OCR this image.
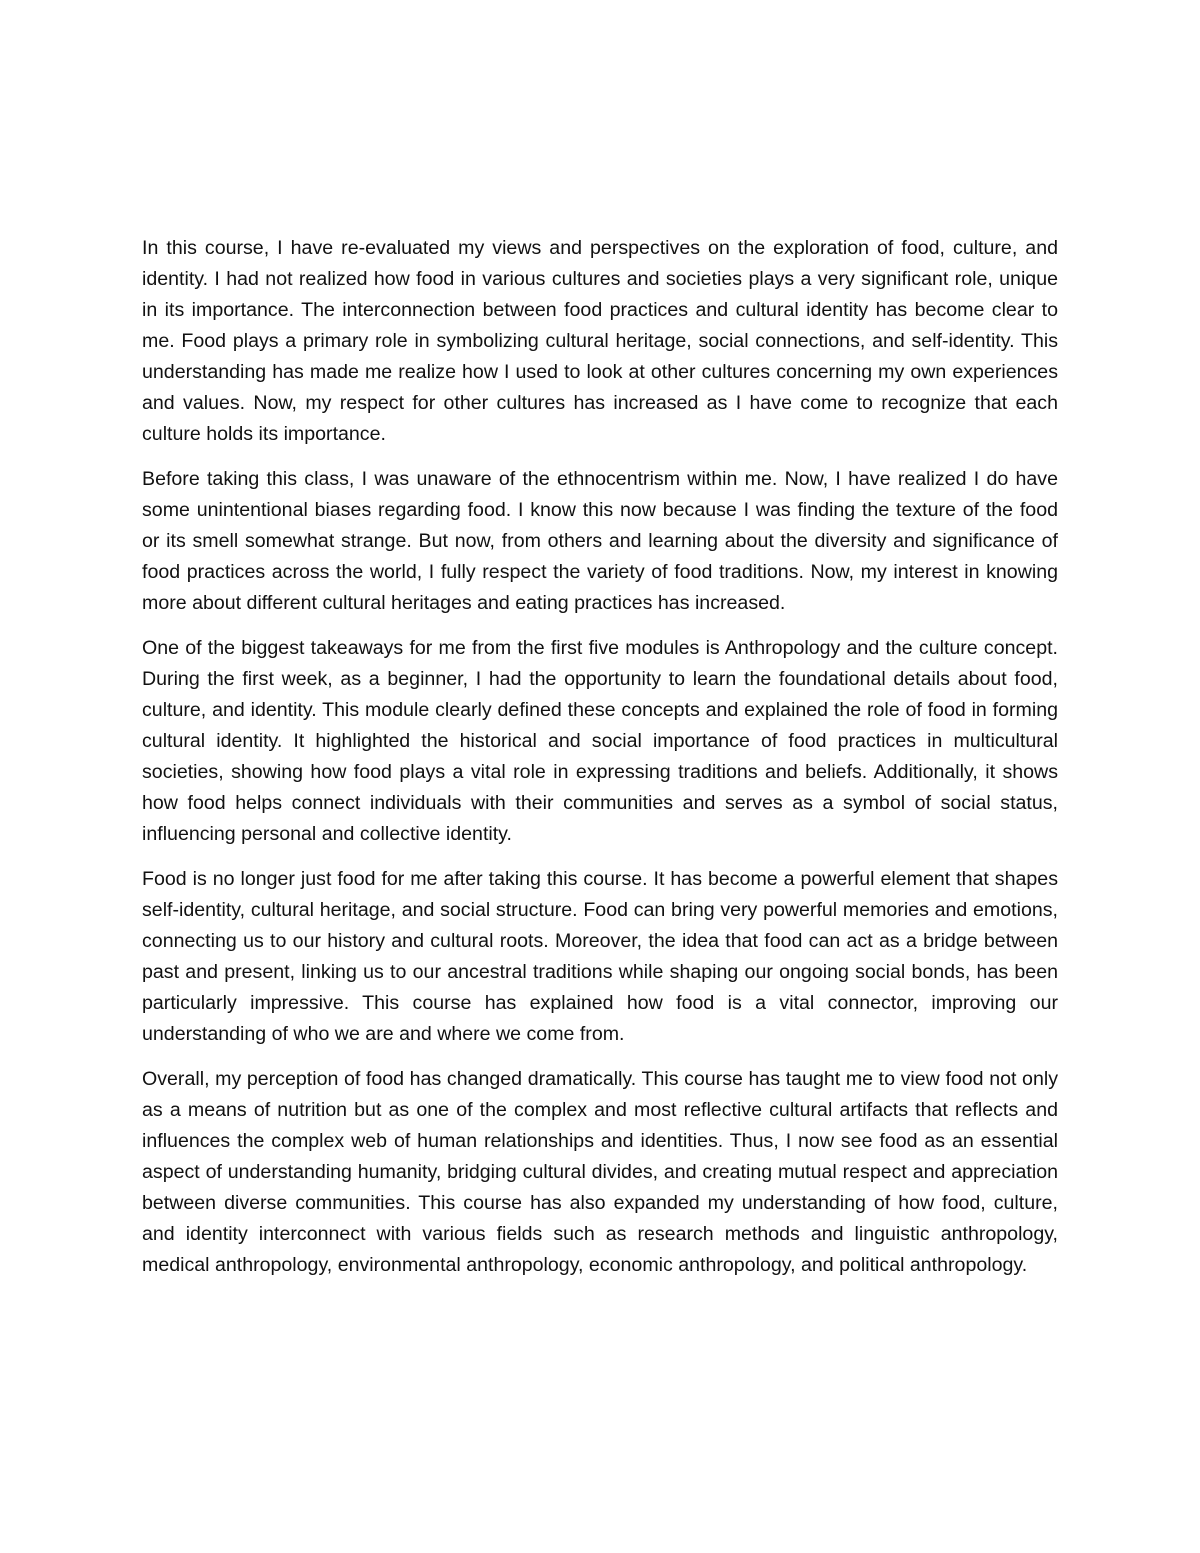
In this course, I have re-evaluated my views and perspectives on the exploration of food, culture, and identity. I had not realized how food in various cultures and societies plays a very significant role, unique in its importance. The interconnection between food practices and cultural identity has become clear to me. Food plays a primary role in symbolizing cultural heritage, social connections, and self-identity. This understanding has made me realize how I used to look at other cultures concerning my own experiences and values. Now, my respect for other cultures has increased as I have come to recognize that each culture holds its importance.

Before taking this class, I was unaware of the ethnocentrism within me. Now, I have realized I do have some unintentional biases regarding food. I know this now because I was finding the texture of the food or its smell somewhat strange. But now, from others and learning about the diversity and significance of food practices across the world, I fully respect the variety of food traditions. Now, my interest in knowing more about different cultural heritages and eating practices has increased.

One of the biggest takeaways for me from the first five modules is Anthropology and the culture concept. During the first week, as a beginner, I had the opportunity to learn the foundational details about food, culture, and identity. This module clearly defined these concepts and explained the role of food in forming cultural identity. It highlighted the historical and social importance of food practices in multicultural societies, showing how food plays a vital role in expressing traditions and beliefs. Additionally, it shows how food helps connect individuals with their communities and serves as a symbol of social status, influencing personal and collective identity.

Food is no longer just food for me after taking this course. It has become a powerful element that shapes self-identity, cultural heritage, and social structure. Food can bring very powerful memories and emotions, connecting us to our history and cultural roots. Moreover, the idea that food can act as a bridge between past and present, linking us to our ancestral traditions while shaping our ongoing social bonds, has been particularly impressive. This course has explained how food is a vital connector, improving our understanding of who we are and where we come from.

Overall, my perception of food has changed dramatically. This course has taught me to view food not only as a means of nutrition but as one of the complex and most reflective cultural artifacts that reflects and influences the complex web of human relationships and identities. Thus, I now see food as an essential aspect of understanding humanity, bridging cultural divides, and creating mutual respect and appreciation between diverse communities. This course has also expanded my understanding of how food, culture, and identity interconnect with various fields such as research methods and linguistic anthropology, medical anthropology, environmental anthropology, economic anthropology, and political anthropology.
